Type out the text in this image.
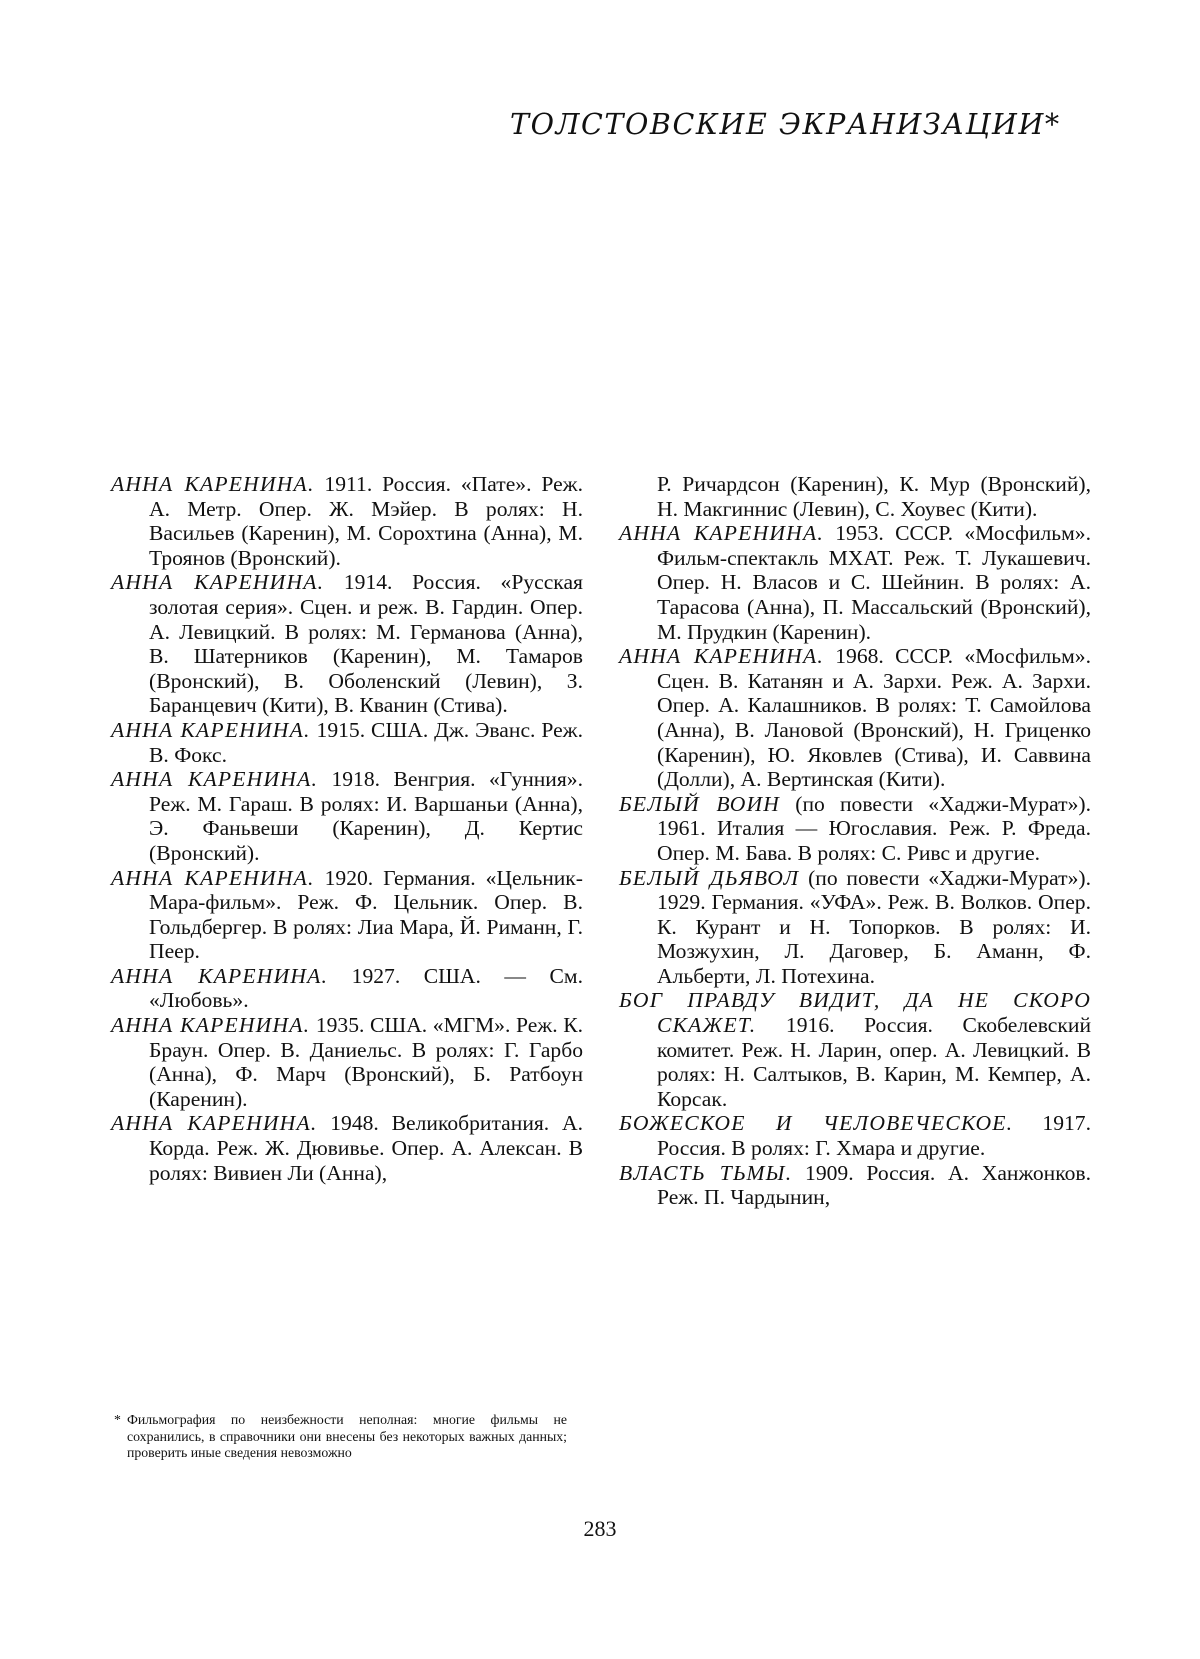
ТОЛСТОВСКИЕ ЭКРАНИЗАЦИИ*
АННА КАРЕНИНА. 1911. Россия. «Пате». Реж. А. Метр. Опер. Ж. Мэйер. В ролях: Н. Васильев (Каренин), М. Сорохтина (Анна), М. Троянов (Вронский).
АННА КАРЕНИНА. 1914. Россия. «Русская золотая серия». Сцен. и реж. В. Гардин. Опер. А. Левицкий. В ролях: М. Германова (Анна), В. Шатерников (Каренин), М. Тамаров (Вронский), В. Оболенский (Левин), З. Баранцевич (Кити), В. Кванин (Стива).
АННА КАРЕНИНА. 1915. США. Дж. Эванс. Реж. В. Фокс.
АННА КАРЕНИНА. 1918. Венгрия. «Гунния». Реж. М. Гараш. В ролях: И. Варшаньи (Анна), Э. Фаньвеши (Каренин), Д. Кертис (Вронский).
АННА КАРЕНИНА. 1920. Германия. «Цельник-Мара-фильм». Реж. Ф. Цельник. Опер. В. Гольдбергер. В ролях: Лиа Мара, Й. Риманн, Г. Пеер.
АННА КАРЕНИНА. 1927. США. — См. «Любовь».
АННА КАРЕНИНА. 1935. США. «МГМ». Реж. К. Браун. Опер. В. Даниельс. В ролях: Г. Гарбо (Анна), Ф. Марч (Вронский), Б. Ратбоун (Каренин).
АННА КАРЕНИНА. 1948. Великобритания. А. Корда. Реж. Ж. Дювивье. Опер. А. Алексан. В ролях: Вивиен Ли (Анна),
Р. Ричардсон (Каренин), К. Мур (Вронский), Н. Макгиннис (Левин), С. Хоувес (Кити).
АННА КАРЕНИНА. 1953. СССР. «Мосфильм». Фильм-спектакль МХАТ. Реж. Т. Лукашевич. Опер. Н. Власов и С. Шейнин. В ролях: А. Тарасова (Анна), П. Массальский (Вронский), М. Прудкин (Каренин).
АННА КАРЕНИНА. 1968. СССР. «Мосфильм». Сцен. В. Катанян и А. Зархи. Реж. А. Зархи. Опер. А. Калашников. В ролях: Т. Самойлова (Анна), В. Лановой (Вронский), Н. Гриценко (Каренин), Ю. Яковлев (Стива), И. Саввина (Долли), А. Вертинская (Кити).
БЕЛЫЙ ВОИН (по повести «Хаджи-Мурат»). 1961. Италия — Югославия. Реж. Р. Фреда. Опер. М. Бава. В ролях: С. Ривс и другие.
БЕЛЫЙ ДЬЯВОЛ (по повести «Хаджи-Мурат»). 1929. Германия. «УФА». Реж. В. Волков. Опер. К. Курант и Н. Топорков. В ролях: И. Мозжухин, Л. Даговер, Б. Аманн, Ф. Альберти, Л. Потехина.
БОГ ПРАВДУ ВИДИТ, ДА НЕ СКОРО СКАЖЕТ. 1916. Россия. Скобелевский комитет. Реж. Н. Ларин, опер. А. Левицкий. В ролях: Н. Салтыков, В. Карин, М. Кемпер, А. Корсак.
БОЖЕСКОЕ И ЧЕЛОВЕЧЕСКОЕ. 1917. Россия. В ролях: Г. Хмара и другие.
ВЛАСТЬ ТЬМЫ. 1909. Россия. А. Ханжонков. Реж. П. Чардынин,
* Фильмография по неизбежности неполная: многие фильмы не сохранились, в справочники они внесены без некоторых важных данных; проверить иные сведения невозможно
283
